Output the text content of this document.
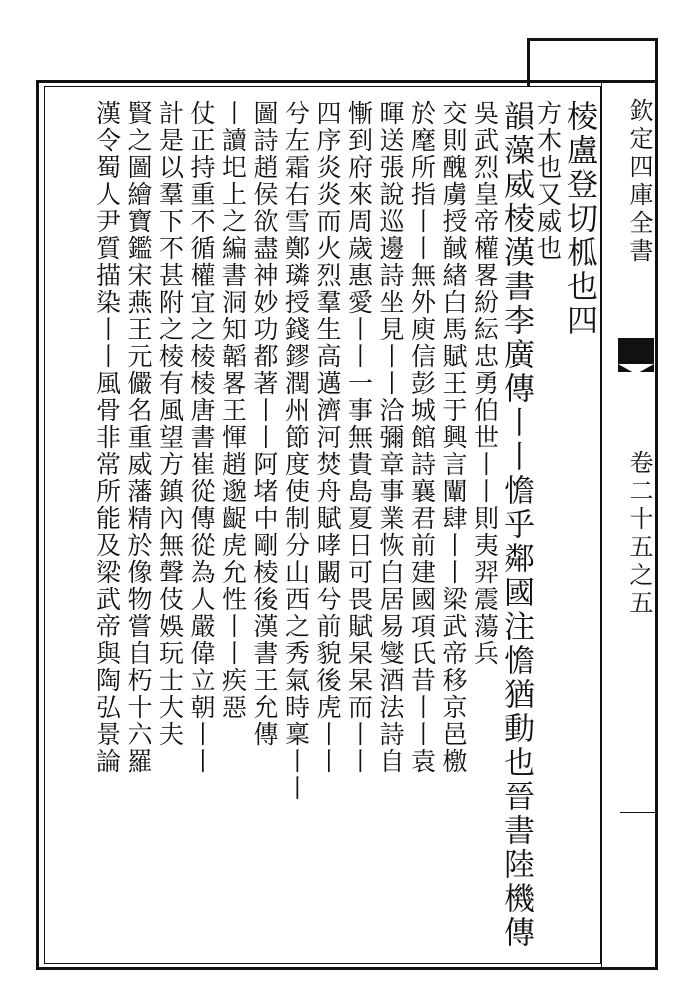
欽定四庫全書
卷二十五之五
棱盧登切柧也四
方木也又威也
韻藻威棱漢書李廣傳丨丨憺乎鄰國注憺猶動也晉書陸機傳
吳武烈皇帝權畧紛紜忠勇伯世丨丨則夷羿震蕩兵
交則醜虜授馘緖白馬賦王于興言闡肆丨丨梁武帝移京邑檄
於麾所指丨丨無外庾信彭城館詩襄君前建國項氏昔丨丨袁
暉送張說巡邊詩坐見丨丨洽彌章事業恢白居易燮酒法詩自
慚到府來周歲惠愛丨丨一事無貴島夏日可畏賦杲杲而丨丨
四序炎炎而火烈羣生高邁濟河焚舟賦哮闞兮前貌後虎丨丨
兮左霜右雪鄭璘授錢鏐潤州節度使制分山西之秀氣時稟丨丨
圖詩趙侯欲盡神妙功都著丨丨阿堵中剛棱後漢書王允傳
丨讀圯上之編書洞知韜畧王惲趙邈齪虎允性丨丨疾惡
仗正持重不循權宜之棱棱唐書崔從傳從為人嚴偉立朝丨丨
計是以羣下不甚附之棱有風望方鎮內無聲伎娛玩士大夫
賢之圖繪寶鑑宋燕王元儼名重威藩精於像物嘗自朽十六羅
漢令蜀人尹質描染丨丨風骨非常所能及梁武帝與陶弘景論
